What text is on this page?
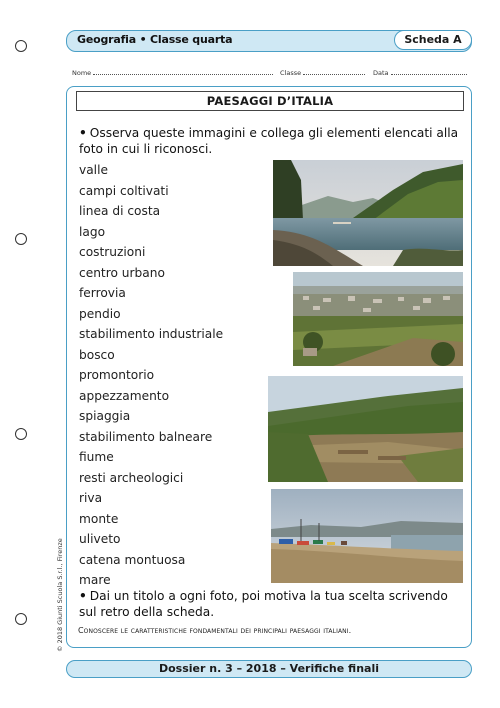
Geografia • Classe quarta	Scheda A
Nome	Classe	Data
PAESAGGI D’ITALIA
• Osserva queste immagini e collega gli elementi elencati alla foto in cui li riconosci.
valle
campi coltivati
linea di costa
lago
costruzioni
centro urbano
ferrovia
pendio
stabilimento industriale
bosco
promontorio
appezzamento
spiaggia
stabilimento balneare
fiume
resti archeologici
riva
monte
uliveto
catena montuosa
mare
• Dai un titolo a ogni foto, poi motiva la tua scelta scrivendo sul retro della scheda.
Conoscere le caratteristiche fondamentali dei principali paesaggi italiani.
Dossier n. 3 – 2018 – Verifiche finali
© 2018 Giunti Scuola S.r.l., Firenze
